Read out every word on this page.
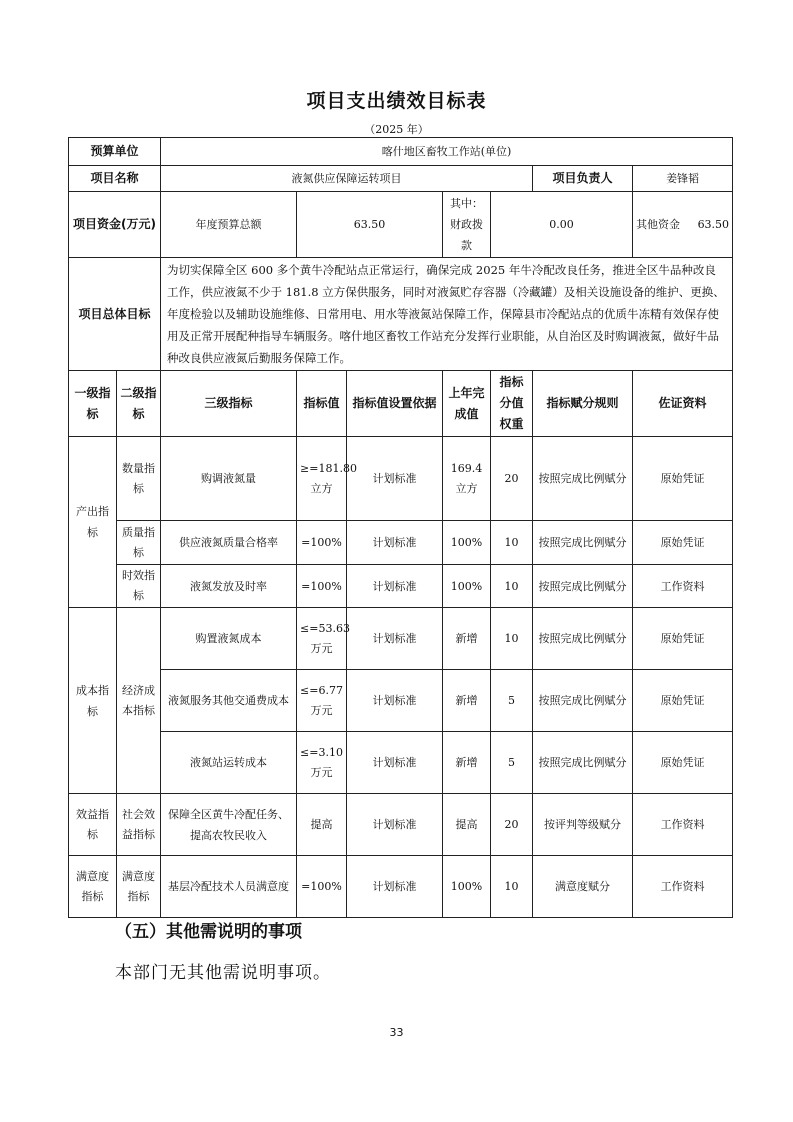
项目支出绩效目标表
（2025 年）
预算单位		喀什地区畜牧工作站(单位)						
项目名称		液氮供应保障运转项目					项目负责人	姜锋韬
项目资金(万元)		年度预算总额	63.50		其中：财政拨款	0.00		其他资金 63.50
项目总体目标		为切实保障全区 600 多个黄牛冷配站点正常运行，确保完成 2025 年牛冷配改良任务，推进全区牛品种改良工作，供应液氮不少于 181.8 立方保供服务，同时对液氮贮存容器（冷藏罐）及相关设施设备的维护、更换、年度检验以及辅助设施维修、日常用电、用水等液氮站保障工作，保障县市冷配站点的优质牛冻精有效保存使用及正常开展配种指导车辆服务。喀什地区畜牧工作站充分发挥行业职能，从自治区及时购调液氮，做好牛品种改良供应液氮后勤服务保障工作。						
一级指标	二级指标	三级指标	指标值	指标值设置依据	上年完成值	指标分值权重	指标赋分规则	佐证资料
产出指标	数量指标	购调液氮量	≥=181.80立方	计划标准	169.4立方	20	按照完成比例赋分	原始凭证
	质量指标	供应液氮质量合格率	=100%	计划标准	100%	10	按照完成比例赋分	原始凭证
	时效指标	液氮发放及时率	=100%	计划标准	100%	10	按照完成比例赋分	工作资料
成本指标	经济成本指标	购置液氮成本	≤=53.63万元	计划标准	新增	10	按照完成比例赋分	原始凭证
		液氮服务其他交通费成本	≤=6.77万元	计划标准	新增	5	按照完成比例赋分	原始凭证
		液氮站运转成本	≤=3.10万元	计划标准	新增	5	按照完成比例赋分	原始凭证
效益指标	社会效益指标	保障全区黄牛冷配任务、提高农牧民收入	提高	计划标准	提高	20	按评判等级赋分	工作资料
满意度指标	满意度指标	基层冷配技术人员满意度	=100%	计划标准	100%	10	满意度赋分	工作资料
（五）其他需说明的事项
本部门无其他需说明事项。
33
